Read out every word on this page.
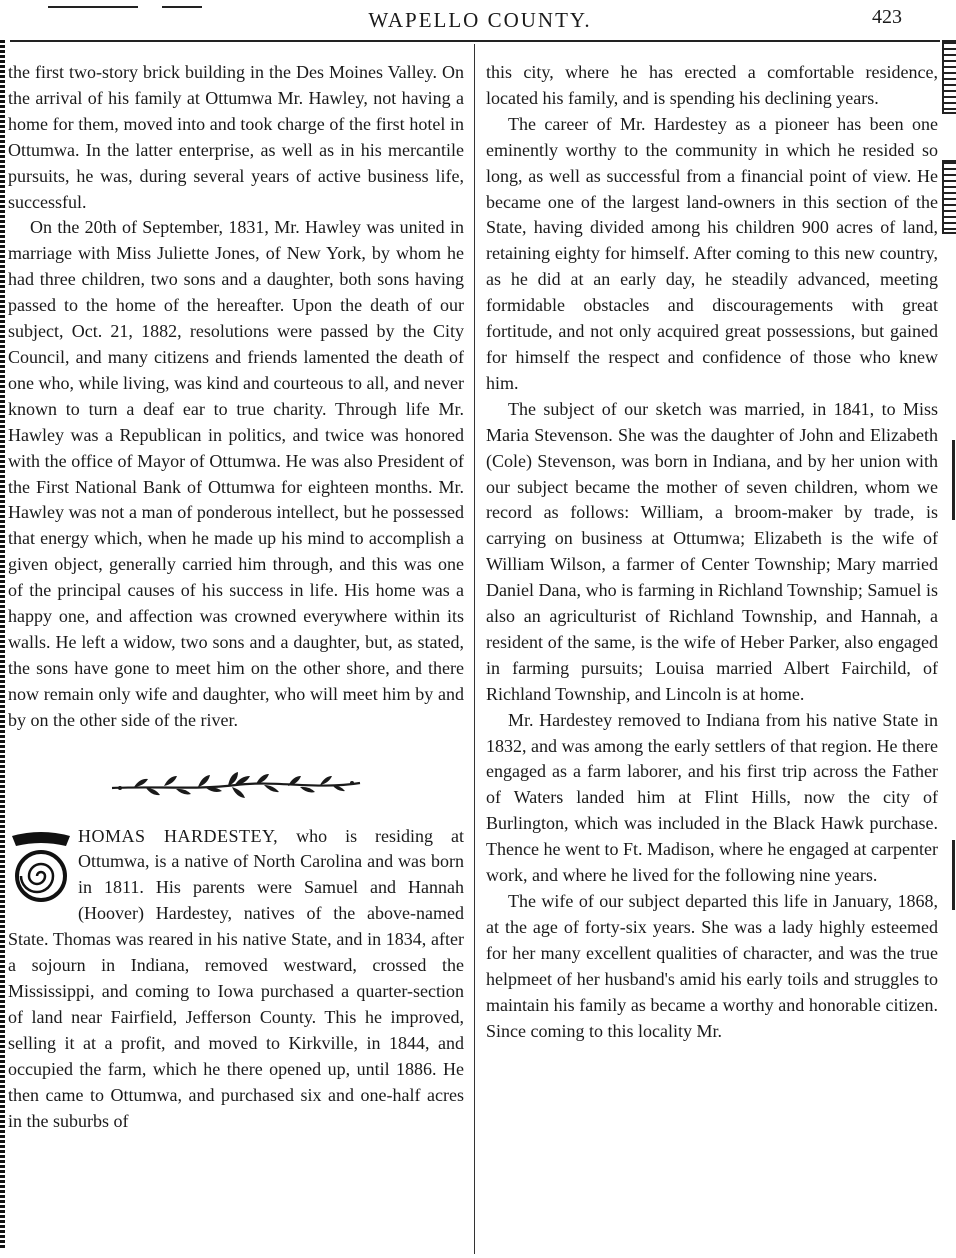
WAPELLO COUNTY.	423

the first two-story brick building in the Des Moines Valley. On the arrival of his family at Ottumwa Mr. Hawley, not having a home for them, moved into and took charge of the first hotel in Ottumwa. In the latter enterprise, as well as in his mercantile pursuits, he was, during several years of active business life, successful.

On the 20th of September, 1831, Mr. Hawley was united in marriage with Miss Juliette Jones, of New York, by whom he had three children, two sons and a daughter, both sons having passed to the home of the hereafter. Upon the death of our subject, Oct. 21, 1882, resolutions were passed by the City Council, and many citizens and friends lamented the death of one who, while living, was kind and courteous to all, and never known to turn a deaf ear to true charity. Through life Mr. Hawley was a Republican in politics, and twice was honored with the office of Mayor of Ottumwa. He was also President of the First National Bank of Ottumwa for eighteen months. Mr. Hawley was not a man of ponderous intellect, but he possessed that energy which, when he made up his mind to accomplish a given object, generally carried him through, and this was one of the principal causes of his success in life. His home was a happy one, and affection was crowned everywhere within its walls. He left a widow, two sons and a daughter, but, as stated, the sons have gone to meet him on the other shore, and there now remain only wife and daughter, who will meet him by and by on the other side of the river.

T
HOMAS HARDESTEY, who is residing at Ottumwa, is a native of North Carolina and was born in 1811. His parents were Samuel and Hannah (Hoover) Hardestey, natives of the above-named State. Thomas was reared in his native State, and in 1834, after a sojourn in Indiana, removed westward, crossed the Mississippi, and coming to Iowa purchased a quarter-section of land near Fairfield, Jefferson County. This he improved, selling it at a profit, and moved to Kirkville, in 1844, and occupied the farm, which he there opened up, until 1886. He then came to Ottumwa, and purchased six and one-half acres in the suburbs of

this city, where he has erected a comfortable residence, located his family, and is spending his declining years.

The career of Mr. Hardestey as a pioneer has been one eminently worthy to the community in which he resided so long, as well as successful from a financial point of view. He became one of the largest land-owners in this section of the State, having divided among his children 900 acres of land, retaining eighty for himself. After coming to this new country, as he did at an early day, he steadily advanced, meeting formidable obstacles and discouragements with great fortitude, and not only acquired great possessions, but gained for himself the respect and confidence of those who knew him.

The subject of our sketch was married, in 1841, to Miss Maria Stevenson. She was the daughter of John and Elizabeth (Cole) Stevenson, was born in Indiana, and by her union with our subject became the mother of seven children, whom we record as follows: William, a broom-maker by trade, is carrying on business at Ottumwa; Elizabeth is the wife of William Wilson, a farmer of Center Township; Mary married Daniel Dana, who is farming in Richland Township; Samuel is also an agriculturist of Richland Township, and Hannah, a resident of the same, is the wife of Heber Parker, also engaged in farming pursuits; Louisa married Albert Fairchild, of Richland Township, and Lincoln is at home.

Mr. Hardestey removed to Indiana from his native State in 1832, and was among the early settlers of that region. He there engaged as a farm laborer, and his first trip across the Father of Waters landed him at Flint Hills, now the city of Burlington, which was included in the Black Hawk purchase. Thence he went to Ft. Madison, where he engaged at carpenter work, and where he lived for the following nine years.

The wife of our subject departed this life in January, 1868, at the age of forty-six years. She was a lady highly esteemed for her many excellent qualities of character, and was the true helpmeet of her husband's amid his early toils and struggles to maintain his family as became a worthy and honorable citizen. Since coming to this locality Mr.
